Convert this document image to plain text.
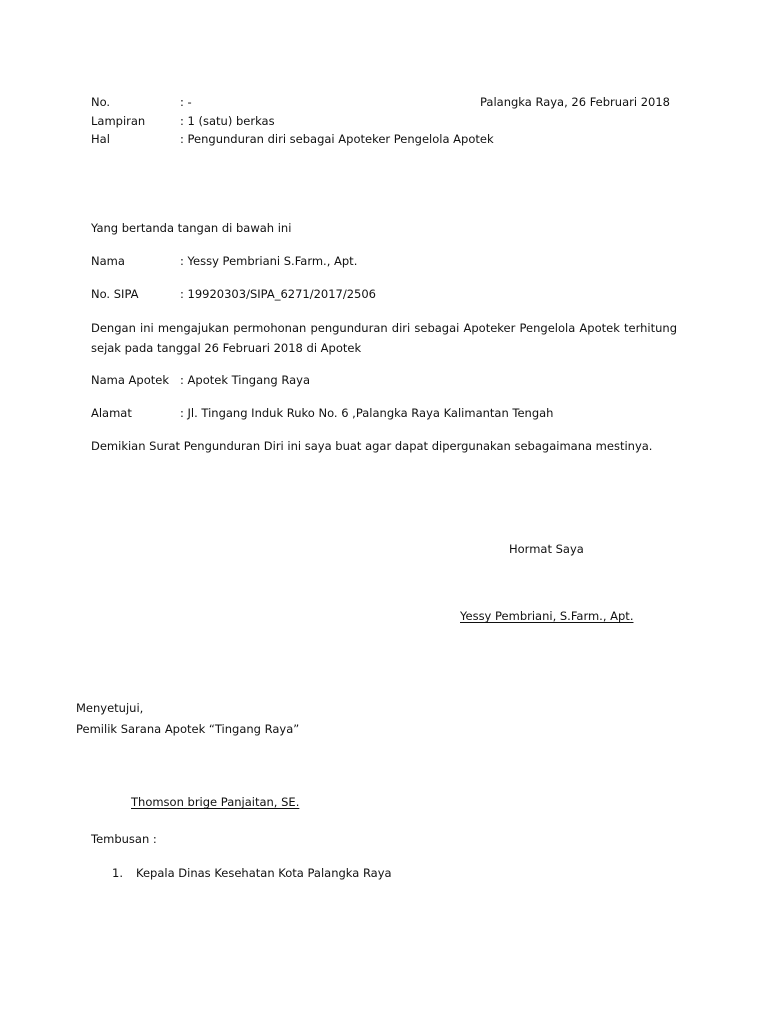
No.	: -	Palangka Raya, 26 Februari 2018
Lampiran	: 1 (satu) berkas
Hal	: Pengunduran diri sebagai Apoteker Pengelola Apotek
Yang bertanda tangan di bawah ini
Nama	: Yessy Pembriani S.Farm., Apt.
No. SIPA	: 19920303/SIPA_6271/2017/2506
Dengan ini mengajukan permohonan pengunduran diri sebagai Apoteker Pengelola Apotek terhitung sejak pada tanggal 26 Februari 2018 di Apotek
Nama Apotek : Apotek Tingang Raya
Alamat	: Jl. Tingang Induk Ruko No. 6 ,Palangka Raya Kalimantan Tengah
Demikian Surat Pengunduran Diri ini saya buat agar dapat dipergunakan sebagaimana mestinya.
Hormat Saya
Yessy Pembriani, S.Farm., Apt.
Menyetujui,
Pemilik Sarana Apotek “Tingang Raya”
Thomson brige Panjaitan, SE.
Tembusan :
1. Kepala Dinas Kesehatan Kota Palangka Raya
